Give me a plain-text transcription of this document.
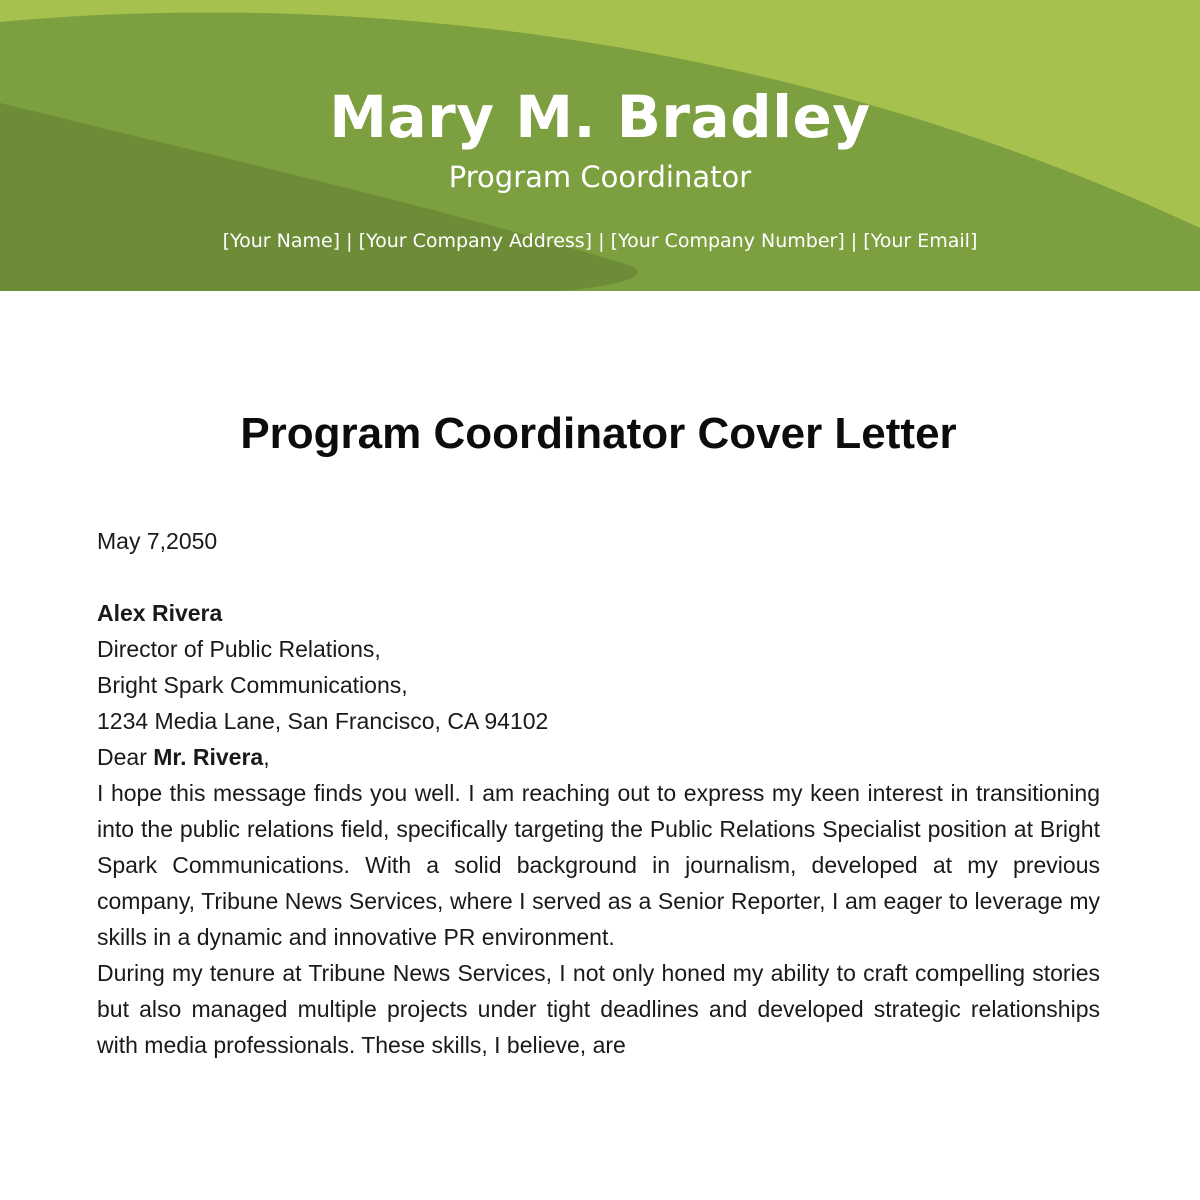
Mary M. Bradley
Program Coordinator
[Your Name] | [Your Company Address] | [Your Company Number] | [Your Email]
Program Coordinator Cover Letter

May 7,2050

Alex Rivera

Director of Public Relations,

Bright Spark Communications,

1234 Media Lane, San Francisco, CA 94102

Dear Mr. Rivera,

I hope this message finds you well. I am reaching out to express my keen interest in transitioning into the public relations field, specifically targeting the Public Relations Specialist position at Bright Spark Communications. With a solid background in journalism, developed at my previous company, Tribune News Services, where I served as a Senior Reporter, I am eager to leverage my skills in a dynamic and innovative PR environment.

During my tenure at Tribune News Services, I not only honed my ability to craft compelling stories but also managed multiple projects under tight deadlines and developed strategic relationships with media professionals. These skills, I believe, are
